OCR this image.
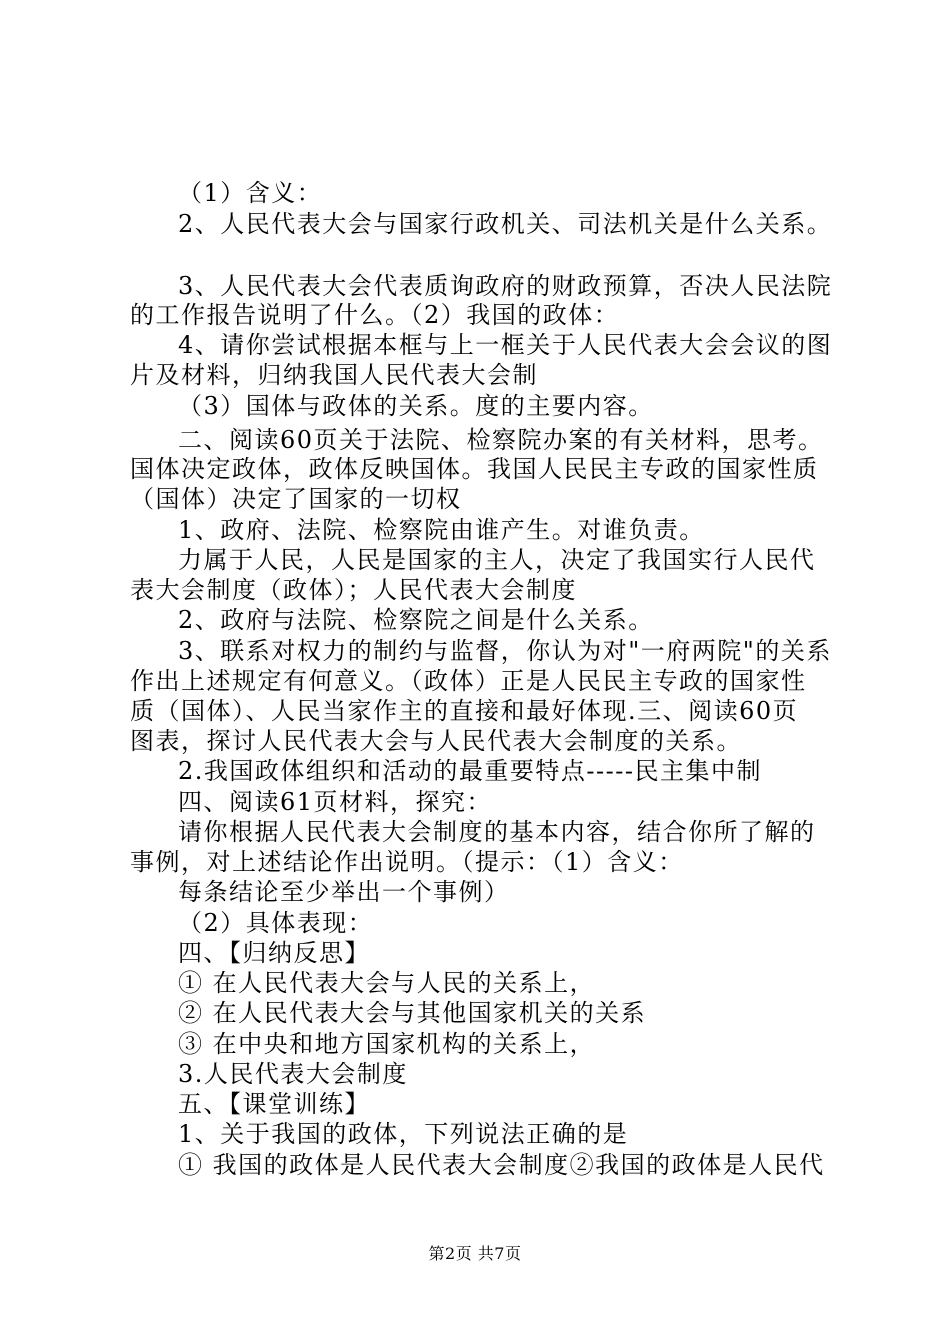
（1）含义：
2、人民代表大会与国家行政机关、司法机关是什么关系。
3、人民代表大会代表质询政府的财政预算，否决人民法院
的工作报告说明了什么。（2）我国的政体：
4、请你尝试根据本框与上一框关于人民代表大会会议的图
片及材料，归纳我国人民代表大会制
（3）国体与政体的关系。度的主要内容。
二、阅读60页关于法院、检察院办案的有关材料，思考。
国体决定政体，政体反映国体。我国人民民主专政的国家性质
（国体）决定了国家的一切权
1、政府、法院、检察院由谁产生。对谁负责。
力属于人民，人民是国家的主人，决定了我国实行人民代
表大会制度（政体）；人民代表大会制度
2、政府与法院、检察院之间是什么关系。
3、联系对权力的制约与监督，你认为对"一府两院"的关系
作出上述规定有何意义。（政体）正是人民民主专政的国家性
质（国体）、人民当家作主的直接和最好体现.三、阅读60页
图表，探讨人民代表大会与人民代表大会制度的关系。
2.我国政体组织和活动的最重要特点-----民主集中制
四、阅读61页材料，探究：
请你根据人民代表大会制度的基本内容，结合你所了解的
事例，对上述结论作出说明。（提示：（1）含义：
每条结论至少举出一个事例）
（2）具体表现：
四、【归纳反思】
① 在人民代表大会与人民的关系上，
② 在人民代表大会与其他国家机关的关系
③ 在中央和地方国家机构的关系上，
3.人民代表大会制度
五、【课堂训练】
1、关于我国的政体，下列说法正确的是
① 我国的政体是人民代表大会制度②我国的政体是人民代
第2页 共7页
